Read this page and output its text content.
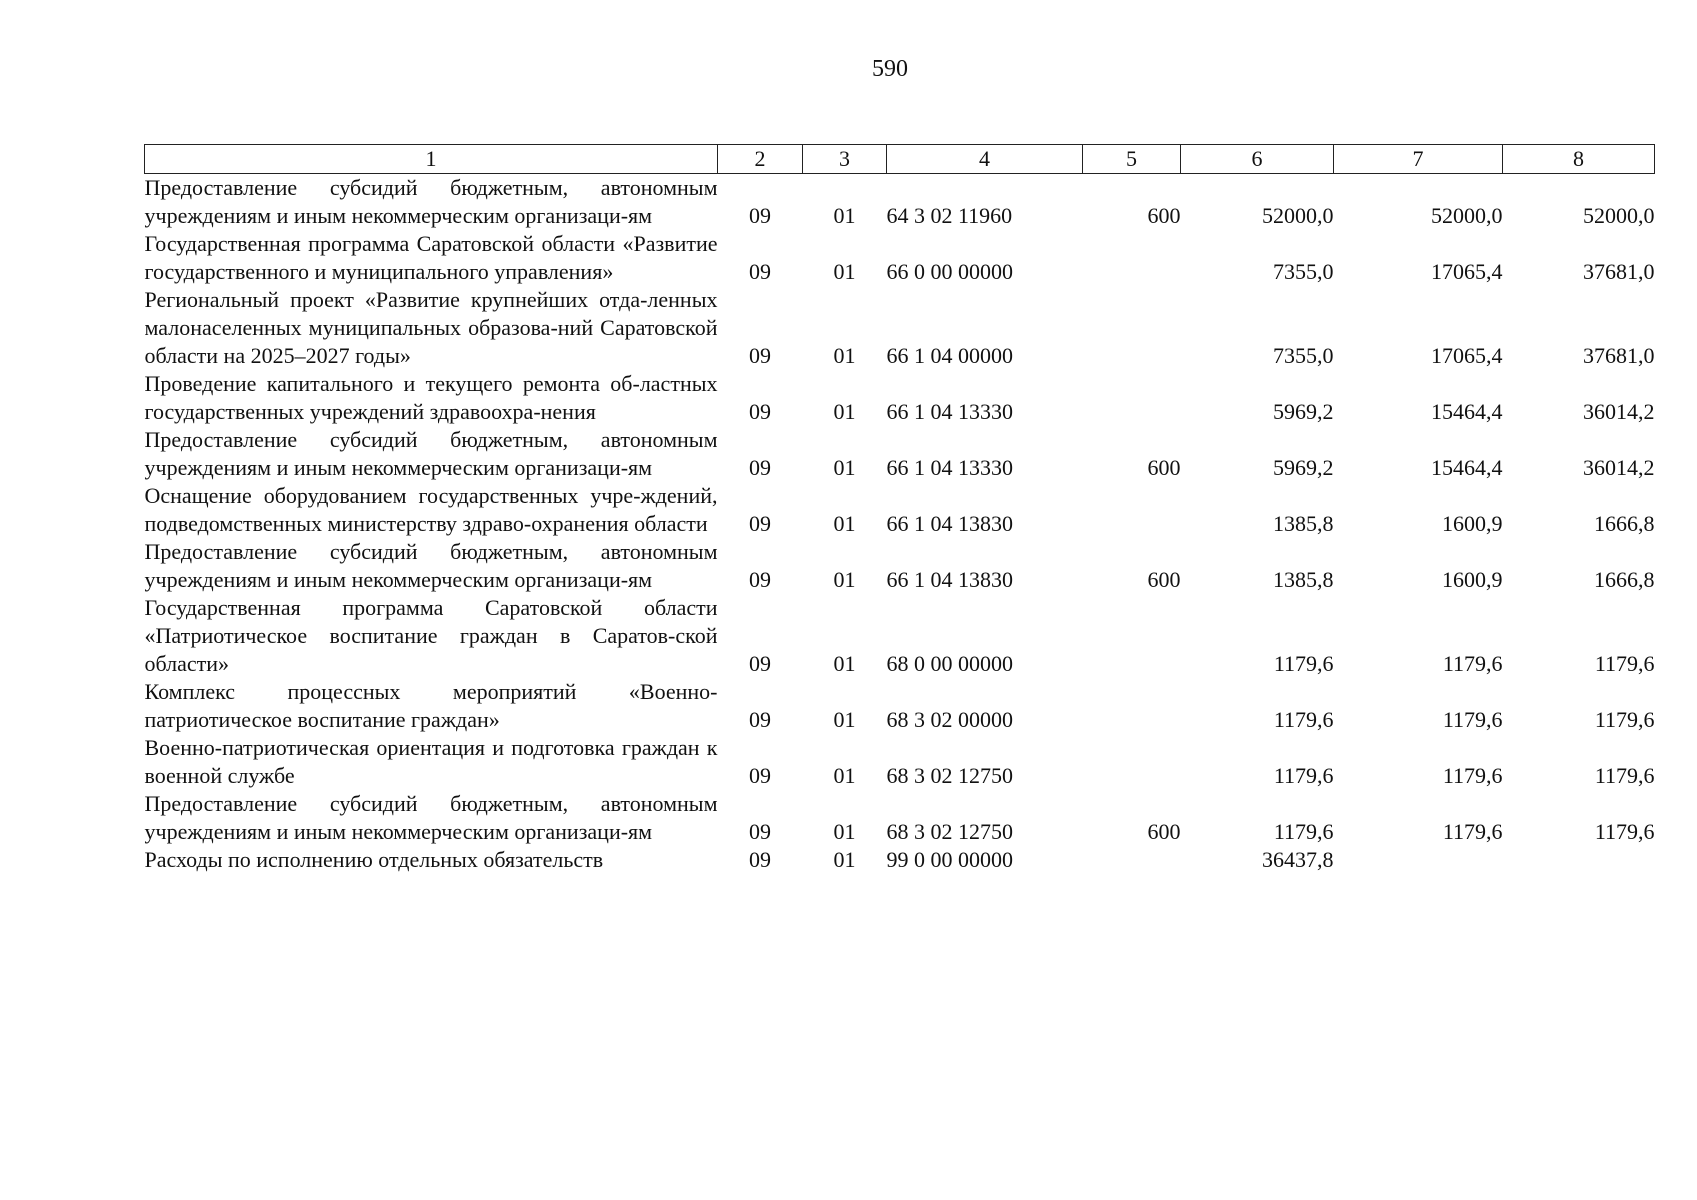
590
1	2	3	4	5	6	7	8
Предоставление субсидий бюджетным, автономным учреждениям и иным некоммерческим организаци-ям	09	01	64 3 02 11960	600	52000,0	52000,0	52000,0
Государственная программа Саратовской области «Развитие государственного и муниципального управления»	09	01	66 0 00 00000		7355,0	17065,4	37681,0
Региональный проект «Развитие крупнейших отда-ленных малонаселенных муниципальных образова-ний Саратовской области на 2025–2027 годы»	09	01	66 1 04 00000		7355,0	17065,4	37681,0
Проведение капитального и текущего ремонта об-ластных государственных учреждений здравоохра-нения	09	01	66 1 04 13330		5969,2	15464,4	36014,2
Предоставление субсидий бюджетным, автономным учреждениям и иным некоммерческим организаци-ям	09	01	66 1 04 13330	600	5969,2	15464,4	36014,2
Оснащение оборудованием государственных учре-ждений, подведомственных министерству здраво-охранения области	09	01	66 1 04 13830		1385,8	1600,9	1666,8
Предоставление субсидий бюджетным, автономным учреждениям и иным некоммерческим организаци-ям	09	01	66 1 04 13830	600	1385,8	1600,9	1666,8
Государственная программа Саратовской области «Патриотическое воспитание граждан в Саратов-ской области»	09	01	68 0 00 00000		1179,6	1179,6	1179,6
Комплекс процессных мероприятий «Военно-патриотическое воспитание граждан»	09	01	68 3 02 00000		1179,6	1179,6	1179,6
Военно-патриотическая ориентация и подготовка граждан к военной службе	09	01	68 3 02 12750		1179,6	1179,6	1179,6
Предоставление субсидий бюджетным, автономным учреждениям и иным некоммерческим организаци-ям	09	01	68 3 02 12750	600	1179,6	1179,6	1179,6
Расходы по исполнению отдельных обязательств	09	01	99 0 00 00000		36437,8		
